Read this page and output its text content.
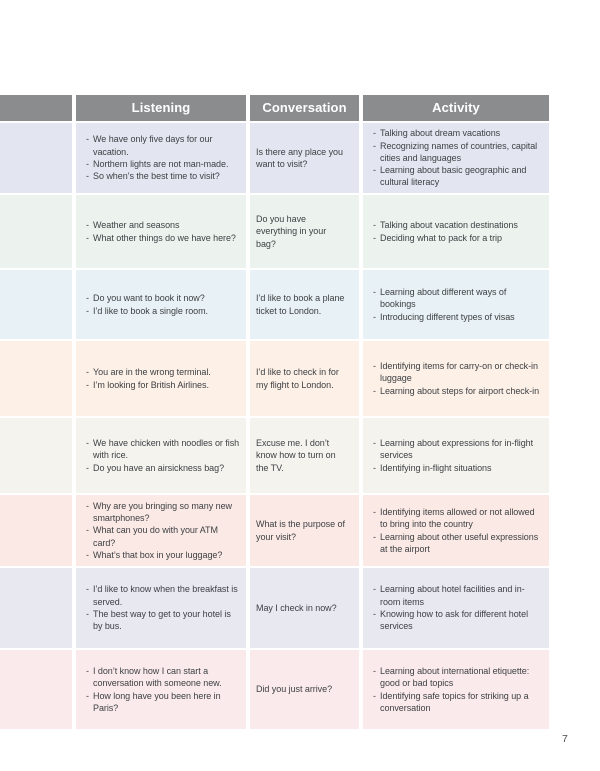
Listening	Conversation	Activity
- We have only five days for our vacation.
- Northern lights are not man-made.
- So when’s the best time to visit?
Is there any place you want to visit?
- Talking about dream vacations
- Recognizing names of countries, capital cities and languages
- Learning about basic geographic and cultural literacy
- Weather and seasons
- What other things do we have here?
Do you have everything in your bag?
- Talking about vacation destinations
- Deciding what to pack for a trip
- Do you want to book it now?
- I’d like to book a single room.
I’d like to book a plane ticket to London.
- Learning about different ways of bookings
- Introducing different types of visas
- You are in the wrong terminal.
- I’m looking for British Airlines.
I’d like to check in for my flight to London.
- Identifying items for carry-on or check-in luggage
- Learning about steps for airport check-in
- We have chicken with noodles or fish with rice.
- Do you have an airsickness bag?
Excuse me. I don’t know how to turn on the TV.
- Learning about expressions for in-flight services
- Identifying in-flight situations
- Why are you bringing so many new smartphones?
- What can you do with your ATM card?
- What’s that box in your luggage?
What is the purpose of your visit?
- Identifying items allowed or not allowed to bring into the country
- Learning about other useful expressions at the airport
- I’d like to know when the breakfast is served.
- The best way to get to your hotel is by bus.
May I check in now?
- Learning about hotel facilities and in-room items
- Knowing how to ask for different hotel services
- I don’t know how I can start a conversation with someone new.
- How long have you been here in Paris?
Did you just arrive?
- Learning about international etiquette: good or bad topics
- Identifying safe topics for striking up a conversation
7
